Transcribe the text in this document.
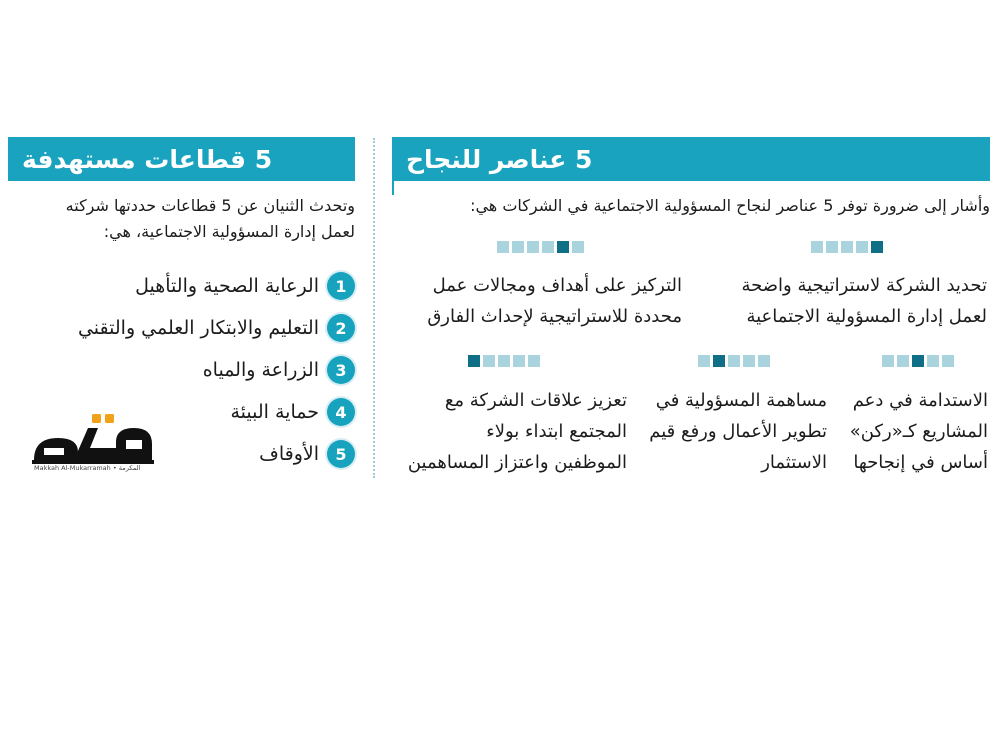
5 عناصر للنجاح
وأشار إلى ضرورة توفر 5 عناصر لنجاح المسؤولية الاجتماعية في الشركات هي:
تحديد الشركة لاستراتيجية واضحة
لعمل إدارة المسؤولية الاجتماعية
التركيز على أهداف ومجالات عمل
محددة للاستراتيجية لإحداث الفارق
الاستدامة في دعم
المشاريع كـ«ركن»
أساس في إنجاحها
مساهمة المسؤولية في
تطوير الأعمال ورفع قيم
الاستثمار
تعزيز علاقات الشركة مع
المجتمع ابتداء بولاء
الموظفين واعتزاز المساهمين
5 قطاعات مستهدفة
وتحدث الثنيان عن 5 قطاعات حددتها شركته لعمل إدارة المسؤولية الاجتماعية، هي:
الرعاية الصحية والتأهيل	1
التعليم والابتكار العلمي والتقني	2
الزراعة والمياه	3
حماية البيئة	4
الأوقاف	5
Makkah Al-Mukarramah • المكرمة
